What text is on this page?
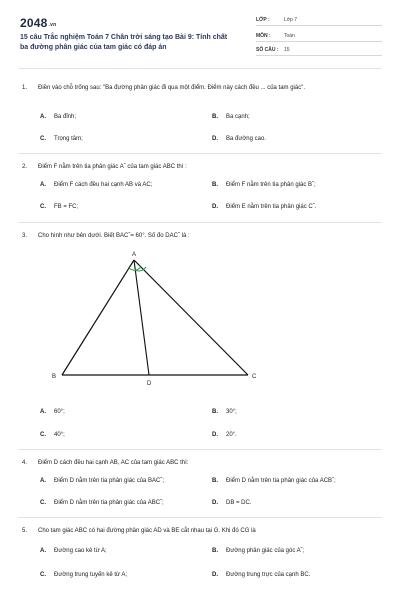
2048.vn
15 câu Trắc nghiệm Toán 7 Chân trời sáng tạo Bài 9: Tính chất ba đường phân giác của tam giác có đáp án
LỚP :	Lớp 7
MÔN :	Toán
SỐ CÂU : 15
1. Điền vào chỗ trống sau: "Ba đường phân giác đi qua một điểm. Điểm này cách đều ... của tam giác".
A. Ba đỉnh;	B. Ba cạnh;
C. Trọng tâm;	D. Ba đường cao.
2. Điểm F nằm trên tia phân giác Aˆ của tam giác ABC thì :
A. Điểm F cách đều hai cạnh AB và AC;	B. Điểm F nằm trên tia phân giác Bˆ;
C. FB = FC;	D. Điểm E nằm trên tia phân giác Cˆ.
3. Cho hình như bên dưới. Biết BACˆ= 60°. Số đo DACˆ là :
A
B	C
D
A. 60°;	B. 30°;
C. 40°;	D. 20°.
4. Điểm D cách đều hai cạnh AB, AC của tam giác ABC thì:
A. Điểm D nằm trên tia phân giác của BACˆ;	B. Điểm D nằm trên tia phân giác của ACBˆ;
C. Điểm D nằm trên tia phân giác của ABCˆ;	D. DB = DC.
5. Cho tam giác ABC có hai đường phân giác AD và BE cắt nhau tại G. Khi đó CG là
A. Đường cao kẻ từ A;	B. Đường phân giác của góc Aˆ;
C. Đường trung tuyến kẻ từ A;	D. Đường trung trực của cạnh BC.
